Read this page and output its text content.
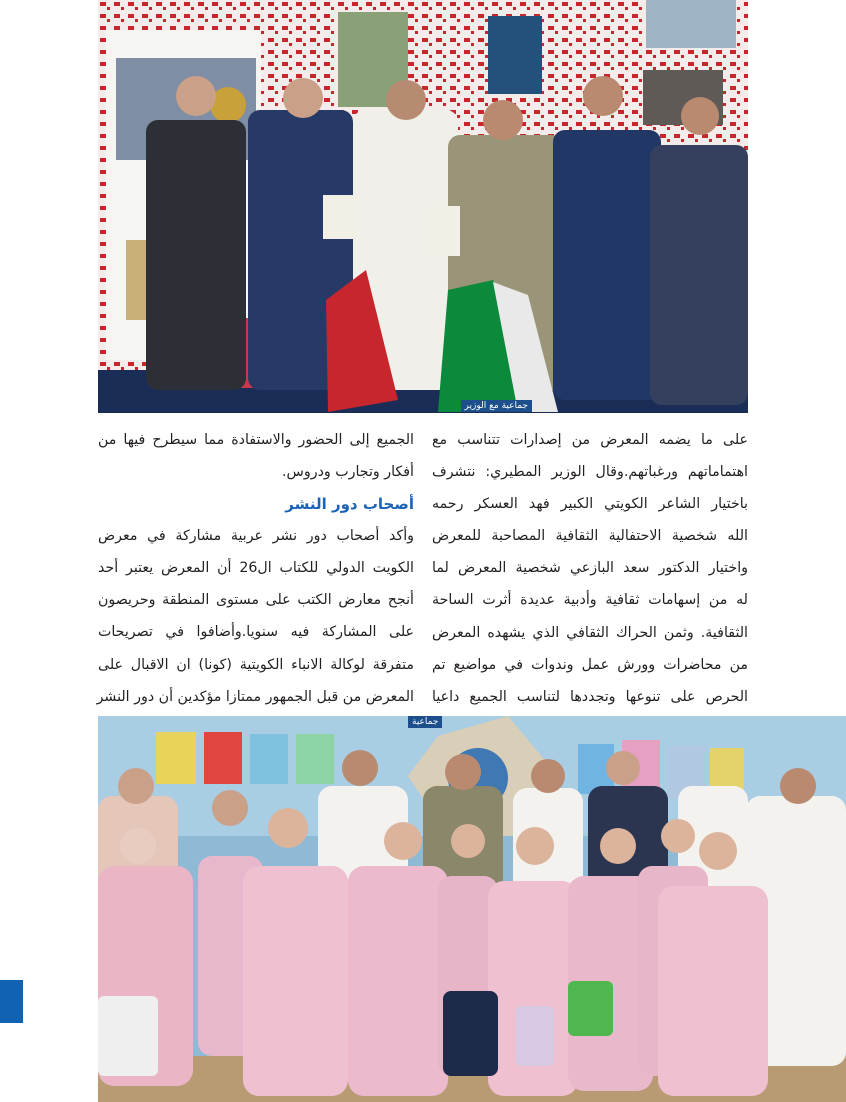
جماعية مع الوزير
على ما يضمه المعرض من إصدارات تتناسب مع
اهتماماتهم ورغباتهم.وقال الوزير المطيري: نتشرف
باختيار الشاعر الكويتي الكبير فهد العسكر رحمه
الله شخصية الاحتفالية الثقافية المصاحبة للمعرض
واختيار الدكتور سعد البازعي شخصية المعرض لما
له من إسهامات ثقافية وأدبية عديدة أثرت الساحة
الثقافية. وثمن الحراك الثقافي الذي يشهده المعرض
من محاضرات وورش عمل وندوات في مواضيع تم
الحرص على تنوعها وتجددها لتناسب الجميع داعيا
الجميع إلى الحضور والاستفادة مما سيطرح فيها من
أفكار وتجارب ودروس.
أصحاب دور النشر
وأكد أصحاب دور نشر عربية مشاركة في معرض
الكويت الدولي للكتاب ال26 أن المعرض يعتبر أحد
أنجح معارض الكتب على مستوى المنطقة وحريصون
على المشاركة فيه سنويا.وأضافوا في تصريحات
متفرقة لوكالة الانباء الكويتية (كونا) ان الاقبال على
المعرض من قبل الجمهور ممتازا مؤكدين أن دور النشر
جماعية
